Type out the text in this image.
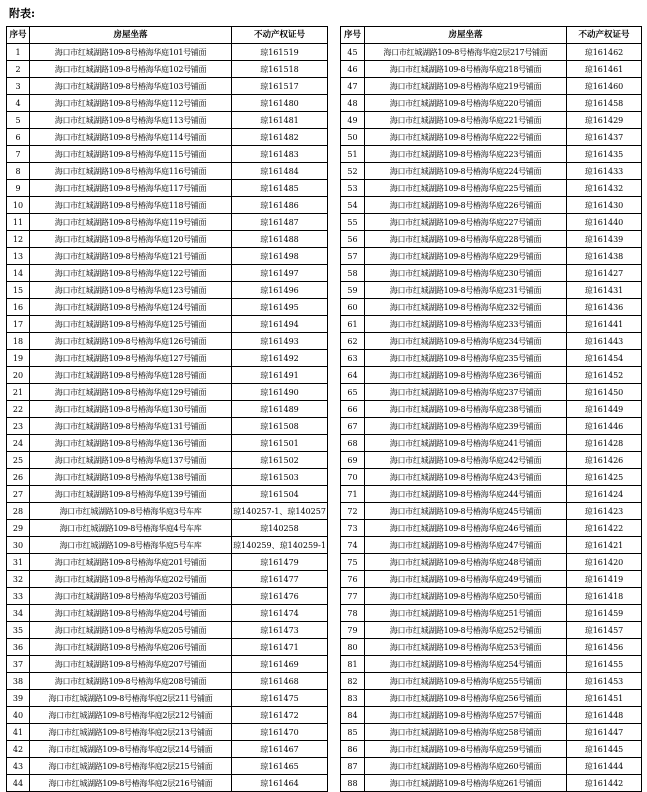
附表:
序号	房屋坐落	不动产权证号
1	海口市红城湖路109-8号椿海华庭101号铺面	琼161519
2	海口市红城湖路109-8号椿海华庭102号铺面	琼161518
3	海口市红城湖路109-8号椿海华庭103号铺面	琼161517
4	海口市红城湖路109-8号椿海华庭112号铺面	琼161480
5	海口市红城湖路109-8号椿海华庭113号铺面	琼161481
6	海口市红城湖路109-8号椿海华庭114号铺面	琼161482
7	海口市红城湖路109-8号椿海华庭115号铺面	琼161483
8	海口市红城湖路109-8号椿海华庭116号铺面	琼161484
9	海口市红城湖路109-8号椿海华庭117号铺面	琼161485
10	海口市红城湖路109-8号椿海华庭118号铺面	琼161486
11	海口市红城湖路109-8号椿海华庭119号铺面	琼161487
12	海口市红城湖路109-8号椿海华庭120号铺面	琼161488
13	海口市红城湖路109-8号椿海华庭121号铺面	琼161498
14	海口市红城湖路109-8号椿海华庭122号铺面	琼161497
15	海口市红城湖路109-8号椿海华庭123号铺面	琼161496
16	海口市红城湖路109-8号椿海华庭124号铺面	琼161495
17	海口市红城湖路109-8号椿海华庭125号铺面	琼161494
18	海口市红城湖路109-8号椿海华庭126号铺面	琼161493
19	海口市红城湖路109-8号椿海华庭127号铺面	琼161492
20	海口市红城湖路109-8号椿海华庭128号铺面	琼161491
21	海口市红城湖路109-8号椿海华庭129号铺面	琼161490
22	海口市红城湖路109-8号椿海华庭130号铺面	琼161489
23	海口市红城湖路109-8号椿海华庭131号铺面	琼161508
24	海口市红城湖路109-8号椿海华庭136号铺面	琼161501
25	海口市红城湖路109-8号椿海华庭137号铺面	琼161502
26	海口市红城湖路109-8号椿海华庭138号铺面	琼161503
27	海口市红城湖路109-8号椿海华庭139号铺面	琼161504
28	海口市红城湖路109-8号椿海华庭3号车库	琼140257-1、琼140257
29	海口市红城湖路109-8号椿海华庭4号车库	琼140258
30	海口市红城湖路109-8号椿海华庭5号车库	琼140259、琼140259-1
31	海口市红城湖路109-8号椿海华庭201号铺面	琼161479
32	海口市红城湖路109-8号椿海华庭202号铺面	琼161477
33	海口市红城湖路109-8号椿海华庭203号铺面	琼161476
34	海口市红城湖路109-8号椿海华庭204号铺面	琼161474
35	海口市红城湖路109-8号椿海华庭205号铺面	琼161473
36	海口市红城湖路109-8号椿海华庭206号铺面	琼161471
37	海口市红城湖路109-8号椿海华庭207号铺面	琼161469
38	海口市红城湖路109-8号椿海华庭208号铺面	琼161468
39	海口市红城湖路109-8号椿海华庭2层211号铺面	琼161475
40	海口市红城湖路109-8号椿海华庭2层212号铺面	琼161472
41	海口市红城湖路109-8号椿海华庭2层213号铺面	琼161470
42	海口市红城湖路109-8号椿海华庭2层214号铺面	琼161467
43	海口市红城湖路109-8号椿海华庭2层215号铺面	琼161465
44	海口市红城湖路109-8号椿海华庭2层216号铺面	琼161464
序号	房屋坐落	不动产权证号
45	海口市红城湖路109-8号椿海华庭2层217号铺面	琼161462
46	海口市红城湖路109-8号椿海华庭218号铺面	琼161461
47	海口市红城湖路109-8号椿海华庭219号铺面	琼161460
48	海口市红城湖路109-8号椿海华庭220号铺面	琼161458
49	海口市红城湖路109-8号椿海华庭221号铺面	琼161429
50	海口市红城湖路109-8号椿海华庭222号铺面	琼161437
51	海口市红城湖路109-8号椿海华庭223号铺面	琼161435
52	海口市红城湖路109-8号椿海华庭224号铺面	琼161433
53	海口市红城湖路109-8号椿海华庭225号铺面	琼161432
54	海口市红城湖路109-8号椿海华庭226号铺面	琼161430
55	海口市红城湖路109-8号椿海华庭227号铺面	琼161440
56	海口市红城湖路109-8号椿海华庭228号铺面	琼161439
57	海口市红城湖路109-8号椿海华庭229号铺面	琼161438
58	海口市红城湖路109-8号椿海华庭230号铺面	琼161427
59	海口市红城湖路109-8号椿海华庭231号铺面	琼161431
60	海口市红城湖路109-8号椿海华庭232号铺面	琼161436
61	海口市红城湖路109-8号椿海华庭233号铺面	琼161441
62	海口市红城湖路109-8号椿海华庭234号铺面	琼161443
63	海口市红城湖路109-8号椿海华庭235号铺面	琼161454
64	海口市红城湖路109-8号椿海华庭236号铺面	琼161452
65	海口市红城湖路109-8号椿海华庭237号铺面	琼161450
66	海口市红城湖路109-8号椿海华庭238号铺面	琼161449
67	海口市红城湖路109-8号椿海华庭239号铺面	琼161446
68	海口市红城湖路109-8号椿海华庭241号铺面	琼161428
69	海口市红城湖路109-8号椿海华庭242号铺面	琼161426
70	海口市红城湖路109-8号椿海华庭243号铺面	琼161425
71	海口市红城湖路109-8号椿海华庭244号铺面	琼161424
72	海口市红城湖路109-8号椿海华庭245号铺面	琼161423
73	海口市红城湖路109-8号椿海华庭246号铺面	琼161422
74	海口市红城湖路109-8号椿海华庭247号铺面	琼161421
75	海口市红城湖路109-8号椿海华庭248号铺面	琼161420
76	海口市红城湖路109-8号椿海华庭249号铺面	琼161419
77	海口市红城湖路109-8号椿海华庭250号铺面	琼161418
78	海口市红城湖路109-8号椿海华庭251号铺面	琼161459
79	海口市红城湖路109-8号椿海华庭252号铺面	琼161457
80	海口市红城湖路109-8号椿海华庭253号铺面	琼161456
81	海口市红城湖路109-8号椿海华庭254号铺面	琼161455
82	海口市红城湖路109-8号椿海华庭255号铺面	琼161453
83	海口市红城湖路109-8号椿海华庭256号铺面	琼161451
84	海口市红城湖路109-8号椿海华庭257号铺面	琼161448
85	海口市红城湖路109-8号椿海华庭258号铺面	琼161447
86	海口市红城湖路109-8号椿海华庭259号铺面	琼161445
87	海口市红城湖路109-8号椿海华庭260号铺面	琼161444
88	海口市红城湖路109-8号椿海华庭261号铺面	琼161442
